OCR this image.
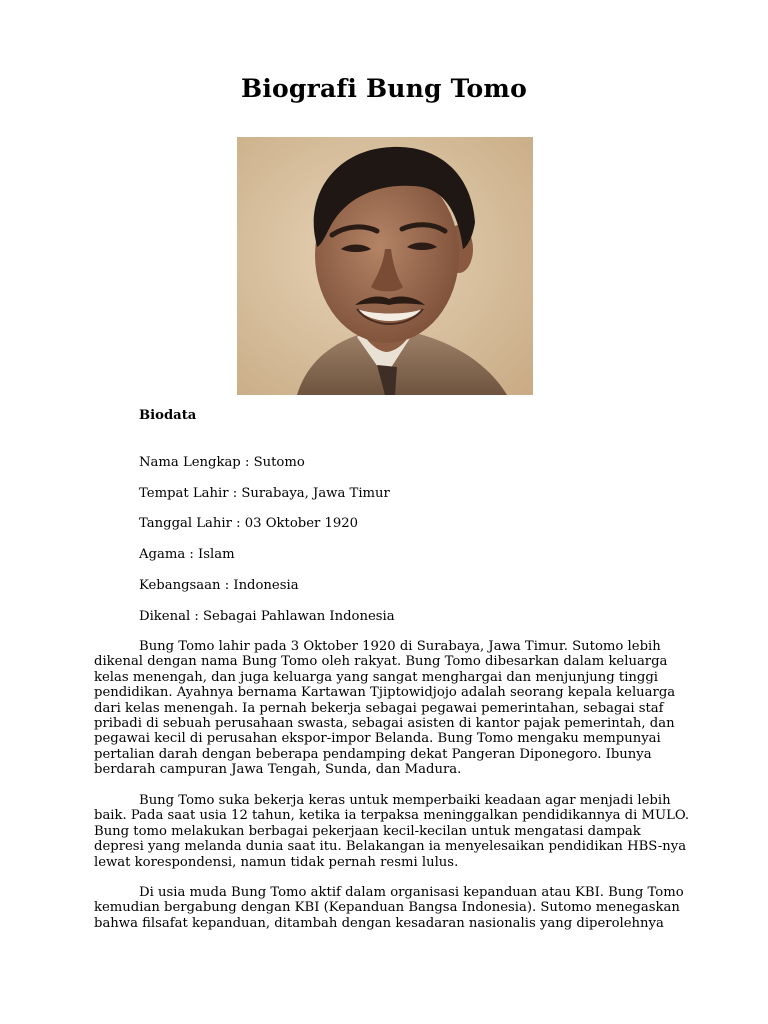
Biografi Bung Tomo
Biodata
Nama Lengkap : Sutomo
Tempat Lahir : Surabaya, Jawa Timur
Tanggal Lahir : 03 Oktober 1920
Agama : Islam
Kebangsaan : Indonesia
Dikenal : Sebagai Pahlawan Indonesia
Bung Tomo lahir pada 3 Oktober 1920 di Surabaya, Jawa Timur. Sutomo lebih
dikenal dengan nama Bung Tomo oleh rakyat. Bung Tomo dibesarkan dalam keluarga
kelas menengah, dan juga keluarga yang sangat menghargai dan menjunjung tinggi
pendidikan. Ayahnya bernama Kartawan Tjiptowidjojo adalah seorang kepala keluarga
dari kelas menengah. Ia pernah bekerja sebagai pegawai pemerintahan, sebagai staf
pribadi di sebuah perusahaan swasta, sebagai asisten di kantor pajak pemerintah, dan
pegawai kecil di perusahan ekspor-impor Belanda. Bung Tomo mengaku mempunyai
pertalian darah dengan beberapa pendamping dekat Pangeran Diponegoro. Ibunya
berdarah campuran Jawa Tengah, Sunda, dan Madura.
Bung Tomo suka bekerja keras untuk memperbaiki keadaan agar menjadi lebih
baik. Pada saat usia 12 tahun, ketika ia terpaksa meninggalkan pendidikannya di MULO.
Bung tomo melakukan berbagai pekerjaan kecil-kecilan untuk mengatasi dampak
depresi yang melanda dunia saat itu. Belakangan ia menyelesaikan pendidikan HBS-nya
lewat korespondensi, namun tidak pernah resmi lulus.
Di usia muda Bung Tomo aktif dalam organisasi kepanduan atau KBI. Bung Tomo
kemudian bergabung dengan KBI (Kepanduan Bangsa Indonesia). Sutomo menegaskan
bahwa filsafat kepanduan, ditambah dengan kesadaran nasionalis yang diperolehnya
